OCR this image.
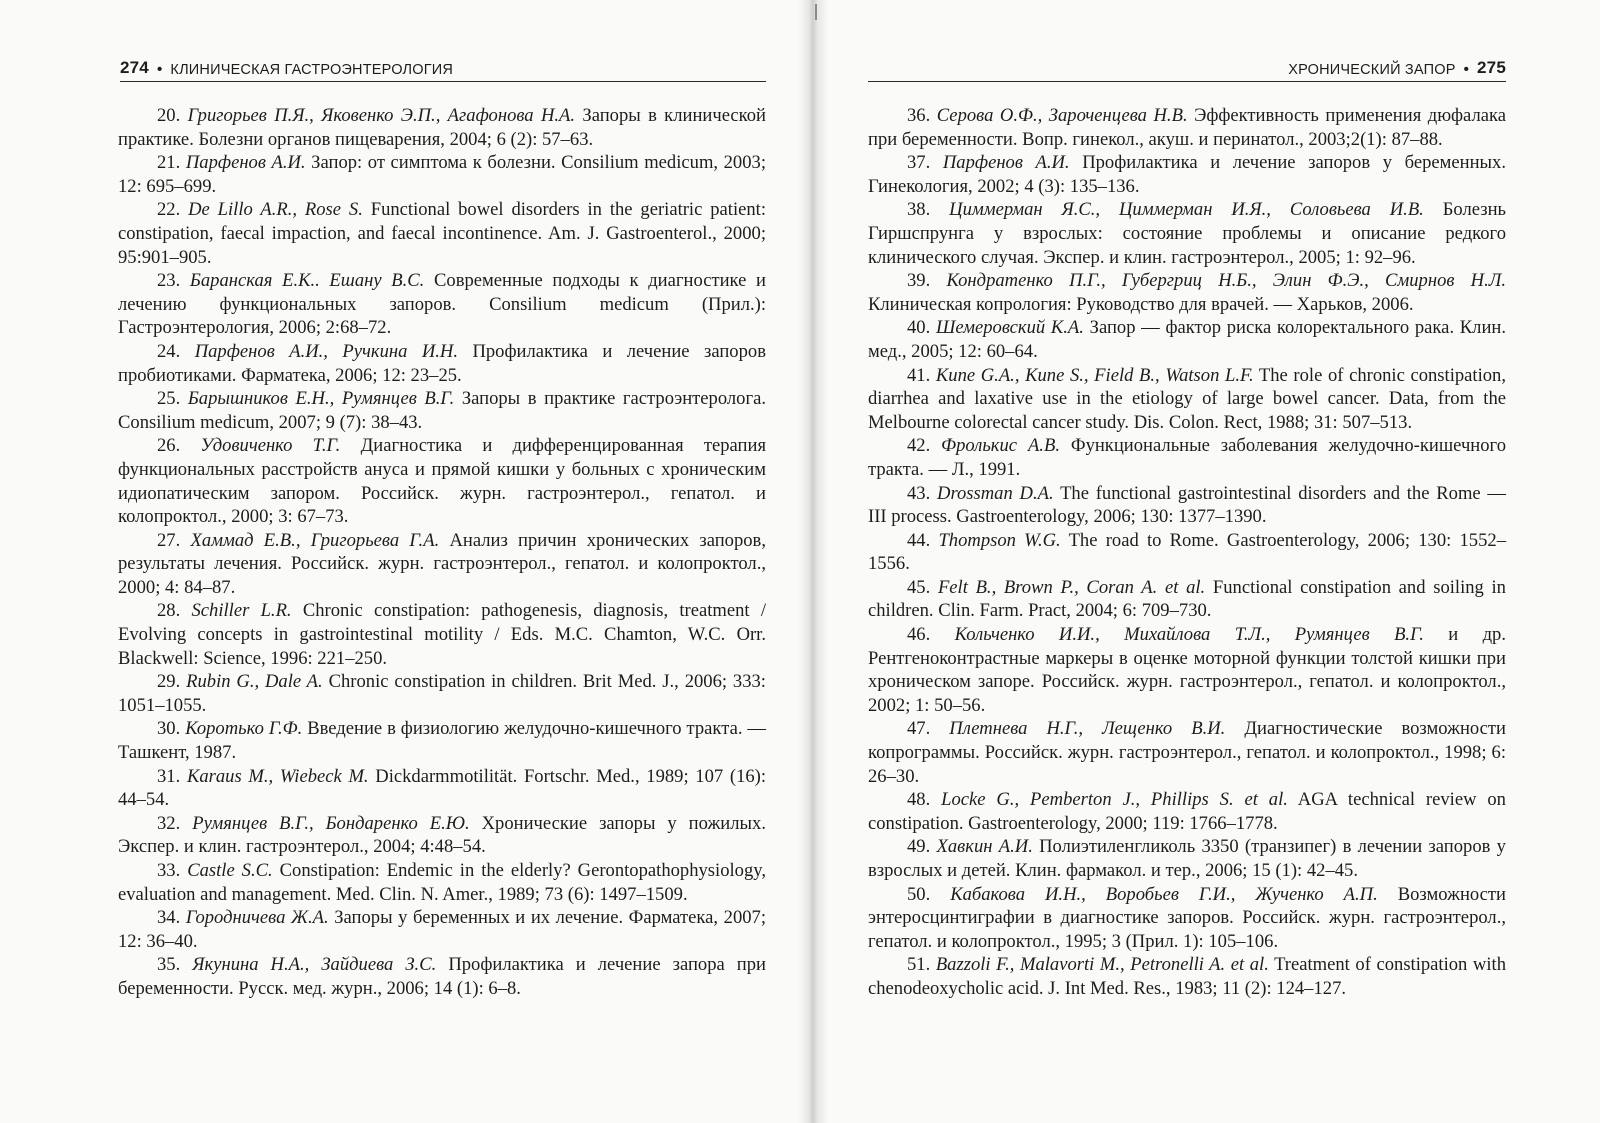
274 • КЛИНИЧЕСКАЯ ГАСТРОЭНТЕРОЛОГИЯ	ХРОНИЧЕСКИЙ ЗАПОР • 275

20. Григорьев П.Я., Яковенко Э.П., Агафонова Н.А. Запоры в клинической практике. Болезни органов пищеварения, 2004; 6 (2): 57–63.

21. Парфенов А.И. Запор: от симптома к болезни. Consilium medicum, 2003; 12: 695–699.

22. De Lillo A.R., Rose S. Functional bowel disorders in the geriatric patient: constipation, faecal impaction, and faecal incontinence. Am. J. Gastroenterol., 2000; 95:901–905.

23. Баранская Е.К.. Ешану В.С. Современные подходы к диагностике и лечению функциональных запоров. Consilium medicum (Прил.): Гастроэнтерология, 2006; 2:68–72.

24. Парфенов А.И., Ручкина И.Н. Профилактика и лечение запоров пробиотиками. Фарматека, 2006; 12: 23–25.

25. Барышников Е.Н., Румянцев В.Г. Запоры в практике гастроэнтеролога. Consilium medicum, 2007; 9 (7): 38–43.

26. Удовиченко Т.Г. Диагностика и дифференцированная терапия функциональных расстройств ануса и прямой кишки у больных с хроническим идиопатическим запором. Российск. журн. гастроэнтерол., гепатол. и колопроктол., 2000; 3: 67–73.

27. Хаммад Е.В., Григорьева Г.А. Анализ причин хронических запоров, результаты лечения. Российск. журн. гастроэнтерол., гепатол. и колопроктол., 2000; 4: 84–87.

28. Schiller L.R. Chronic constipation: pathogenesis, diagnosis, treatment / Evolving concepts in gastrointestinal motility / Eds. M.C. Chamton, W.C. Orr. Blackwell: Science, 1996: 221–250.

29. Rubin G., Dale A. Chronic constipation in children. Brit Med. J., 2006; 333: 1051–1055.

30. Коротько Г.Ф. Введение в физиологию желудочно-кишечного тракта. — Ташкент, 1987.

31. Karaus M., Wiebeck M. Dickdarmmotilität. Fortschr. Med., 1989; 107 (16): 44–54.

32. Румянцев В.Г., Бондаренко Е.Ю. Хронические запоры у пожилых. Экспер. и клин. гастроэнтерол., 2004; 4:48–54.

33. Castle S.C. Constipation: Endemic in the elderly? Gerontopathophysiology, evaluation and management. Med. Clin. N. Amer., 1989; 73 (6): 1497–1509.

34. Городничева Ж.А. Запоры у беременных и их лечение. Фарматека, 2007; 12: 36–40.

35. Якунина Н.А., Зайдиева З.С. Профилактика и лечение запора при беременности. Русск. мед. журн., 2006; 14 (1): 6–8.

36. Серова О.Ф., Зароченцева Н.В. Эффективность применения дюфалака при беременности. Вопр. гинекол., акуш. и перинатол., 2003;2(1): 87–88.

37. Парфенов А.И. Профилактика и лечение запоров у беременных. Гинекология, 2002; 4 (3): 135–136.

38. Циммерман Я.С., Циммерман И.Я., Соловьева И.В. Болезнь Гиршспрунга у взрослых: состояние проблемы и описание редкого клинического случая. Экспер. и клин. гастроэнтерол., 2005; 1: 92–96.

39. Кондратенко П.Г., Губергриц Н.Б., Элин Ф.Э., Смирнов Н.Л. Клиническая копрология: Руководство для врачей. — Харьков, 2006.

40. Шемеровский К.А. Запор — фактор риска колоректального рака. Клин. мед., 2005; 12: 60–64.

41. Kune G.A., Kune S., Field B., Watson L.F. The role of chronic constipation, diarrhea and laxative use in the etiology of large bowel cancer. Data, from the Melbourne colorectal cancer study. Dis. Colon. Rect, 1988; 31: 507–513.

42. Фролькис А.В. Функциональные заболевания желудочно-кишечного тракта. — Л., 1991.

43. Drossman D.A. The functional gastrointestinal disorders and the Rome — III process. Gastroenterology, 2006; 130: 1377–1390.

44. Thompson W.G. The road to Rome. Gastroenterology, 2006; 130: 1552–1556.

45. Felt B., Brown P., Coran A. et al. Functional constipation and soiling in children. Clin. Farm. Pract, 2004; 6: 709–730.

46. Кольченко И.И., Михайлова Т.Л., Румянцев В.Г. и др. Рентгеноконтрастные маркеры в оценке моторной функции толстой кишки при хроническом запоре. Российск. журн. гастроэнтерол., гепатол. и колопроктол., 2002; 1: 50–56.

47. Плетнева Н.Г., Лещенко В.И. Диагностические возможности копрограммы. Российск. журн. гастроэнтерол., гепатол. и колопроктол., 1998; 6: 26–30.

48. Locke G., Pemberton J., Phillips S. et al. AGA technical review on constipation. Gastroenterology, 2000; 119: 1766–1778.

49. Хавкин А.И. Полиэтиленгликоль 3350 (транзипег) в лечении запоров у взрослых и детей. Клин. фармакол. и тер., 2006; 15 (1): 42–45.

50. Кабакова И.Н., Воробьев Г.И., Жученко А.П. Возможности энтеросцинтиграфии в диагностике запоров. Российск. журн. гастроэнтерол., гепатол. и колопроктол., 1995; 3 (Прил. 1): 105–106.

51. Bazzoli F., Malavorti M., Petronelli A. et al. Treatment of constipation with chenodeoxycholic acid. J. Int Med. Res., 1983; 11 (2): 124–127.
